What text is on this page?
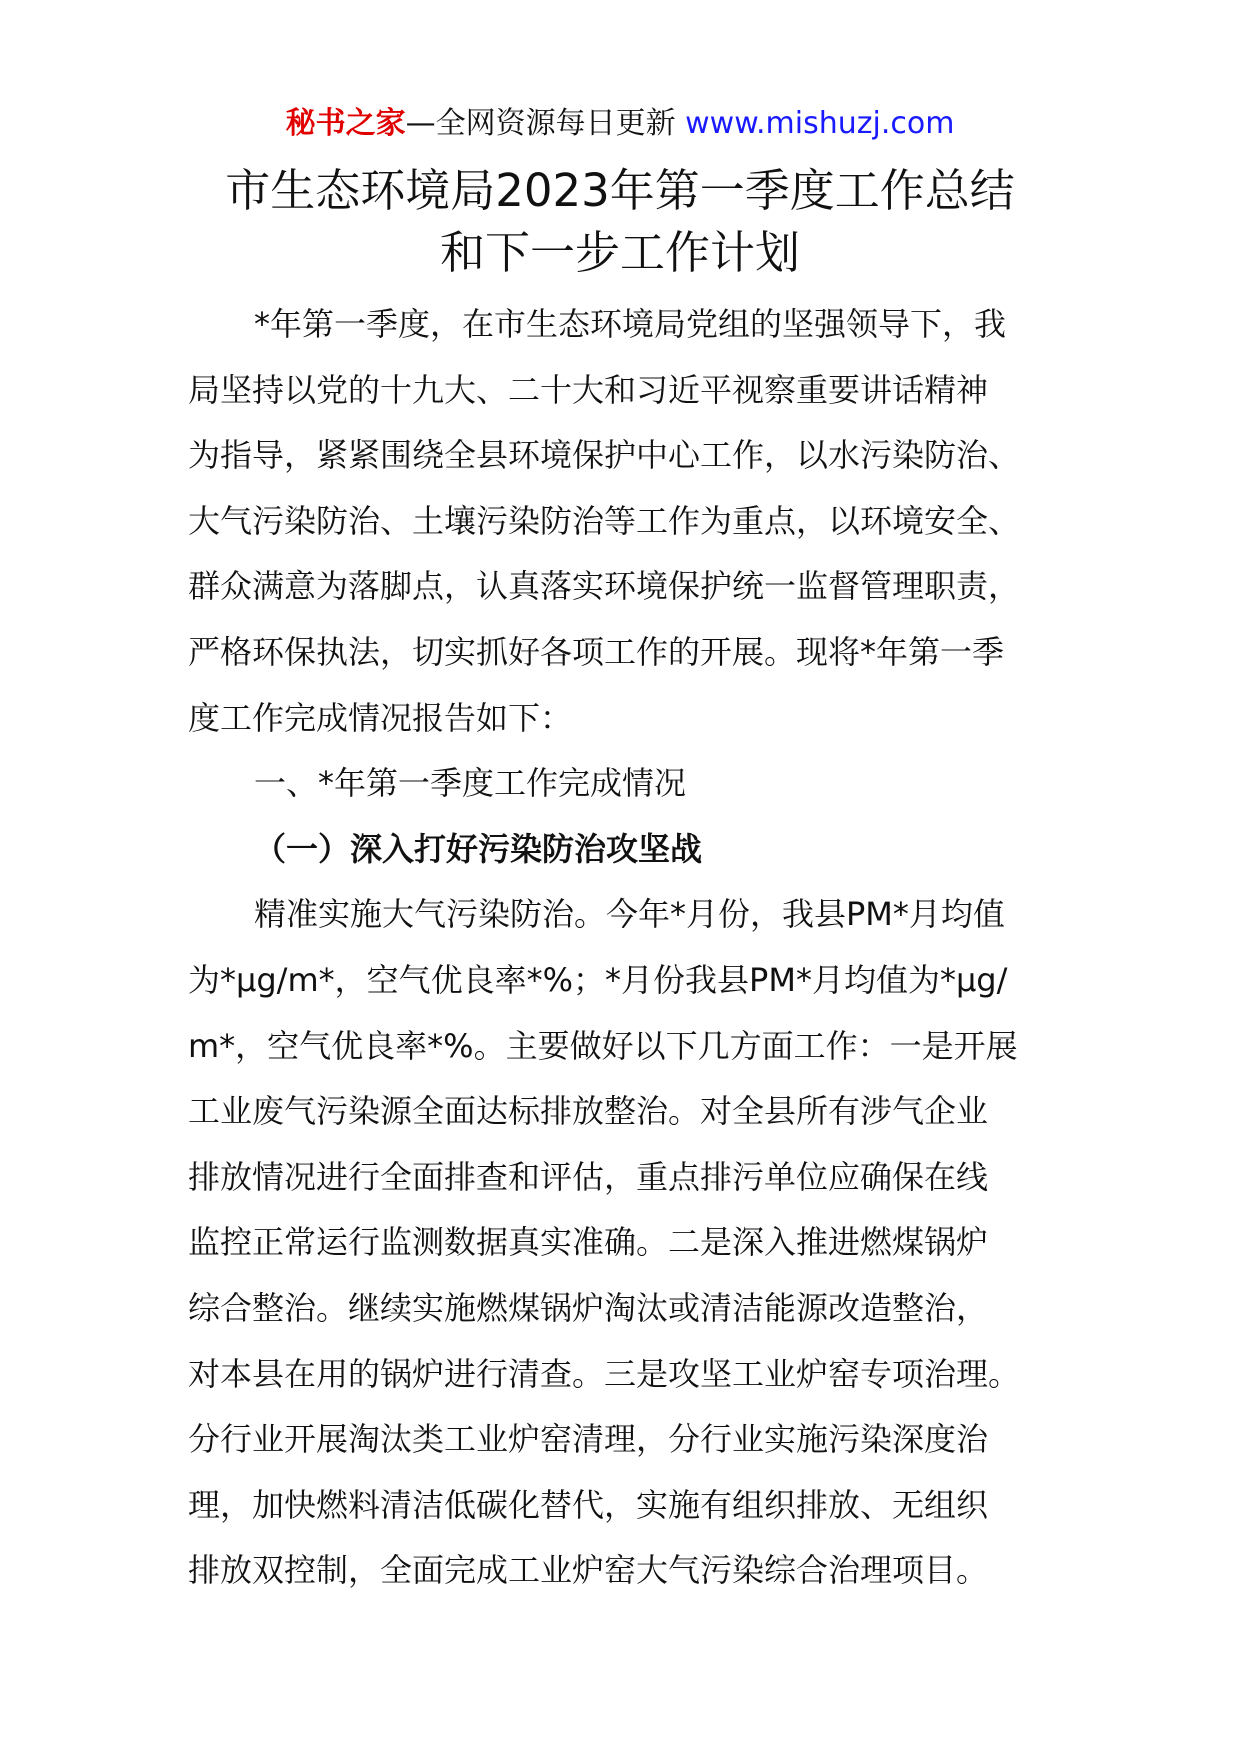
秘书之家—全网资源每日更新 www.mishuzj.com
市生态环境局2023年第一季度工作总结
和下一步工作计划
*年第一季度，在市生态环境局党组的坚强领导下，我
局坚持以党的十九大、二十大和习近平视察重要讲话精神
为指导，紧紧围绕全县环境保护中心工作，以水污染防治、
大气污染防治、土壤污染防治等工作为重点，以环境安全、
群众满意为落脚点，认真落实环境保护统一监督管理职责，
严格环保执法，切实抓好各项工作的开展。现将*年第一季
度工作完成情况报告如下：
一、*年第一季度工作完成情况
（一）深入打好污染防治攻坚战
精准实施大气污染防治。今年*月份，我县PM*月均值
为*μg/m*，空气优良率*%；*月份我县PM*月均值为*μg/
m*，空气优良率*%。主要做好以下几方面工作：一是开展
工业废气污染源全面达标排放整治。对全县所有涉气企业
排放情况进行全面排查和评估，重点排污单位应确保在线
监控正常运行监测数据真实准确。二是深入推进燃煤锅炉
综合整治。继续实施燃煤锅炉淘汰或清洁能源改造整治，
对本县在用的锅炉进行清查。三是攻坚工业炉窑专项治理。
分行业开展淘汰类工业炉窑清理，分行业实施污染深度治
理，加快燃料清洁低碳化替代，实施有组织排放、无组织
排放双控制，全面完成工业炉窑大气污染综合治理项目。
